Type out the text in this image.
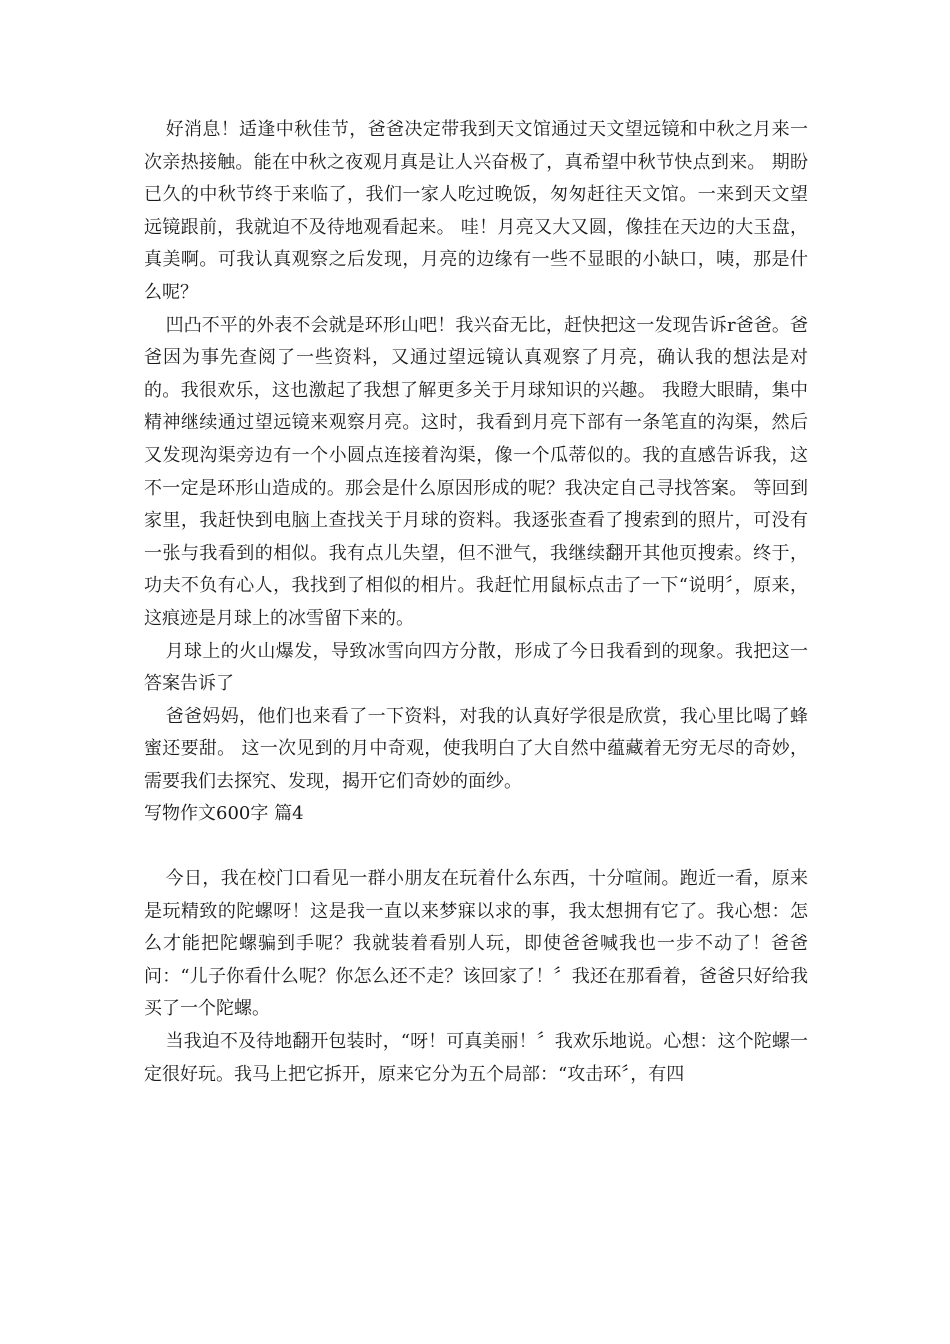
好消息！适逢中秋佳节，爸爸决定带我到天文馆通过天文望远镜和中秋之月来一次亲热接触。能在中秋之夜观月真是让人兴奋极了，真希望中秋节快点到来。 期盼已久的中秋节终于来临了，我们一家人吃过晚饭，匆匆赶往天文馆。一来到天文望远镜跟前，我就迫不及待地观看起来。 哇！月亮又大又圆，像挂在天边的大玉盘，真美啊。可我认真观察之后发现，月亮的边缘有一些不显眼的小缺口，咦，那是什么呢？

凹凸不平的外表不会就是环形山吧！我兴奋无比，赶快把这一发现告诉r爸爸。爸爸因为事先查阅了一些资料，又通过望远镜认真观察了月亮，确认我的想法是对的。我很欢乐，这也激起了我想了解更多关于月球知识的兴趣。 我瞪大眼睛，集中精神继续通过望远镜来观察月亮。这时，我看到月亮下部有一条笔直的沟渠，然后又发现沟渠旁边有一个小圆点连接着沟渠，像一个瓜蒂似的。我的直感告诉我，这不一定是环形山造成的。那会是什么原因形成的呢？我决定自己寻找答案。 等回到家里，我赶快到电脑上查找关于月球的资料。我逐张查看了搜索到的照片，可没有一张与我看到的相似。我有点儿失望，但不泄气，我继续翻开其他页搜索。终于，功夫不负有心人，我找到了相似的相片。我赶忙用鼠标点击了一下“说明〞，原来，这痕迹是月球上的冰雪留下来的。

月球上的火山爆发，导致冰雪向四方分散，形成了今日我看到的现象。我把这一答案告诉了

爸爸妈妈，他们也来看了一下资料，对我的认真好学很是欣赏，我心里比喝了蜂蜜还要甜。 这一次见到的月中奇观，使我明白了大自然中蕴藏着无穷无尽的奇妙，需要我们去探究、发现，揭开它们奇妙的面纱。

写物作文600字 篇4

今日，我在校门口看见一群小朋友在玩着什么东西，十分喧闹。跑近一看，原来是玩精致的陀螺呀！这是我一直以来梦寐以求的事，我太想拥有它了。我心想：怎么才能把陀螺骗到手呢？我就装着看别人玩，即使爸爸喊我也一步不动了！爸爸问：“儿子你看什么呢？你怎么还不走？该回家了！〞我还在那看着，爸爸只好给我买了一个陀螺。

当我迫不及待地翻开包装时，“呀！可真美丽！〞我欢乐地说。心想：这个陀螺一定很好玩。我马上把它拆开，原来它分为五个局部：“攻击环〞，有四
